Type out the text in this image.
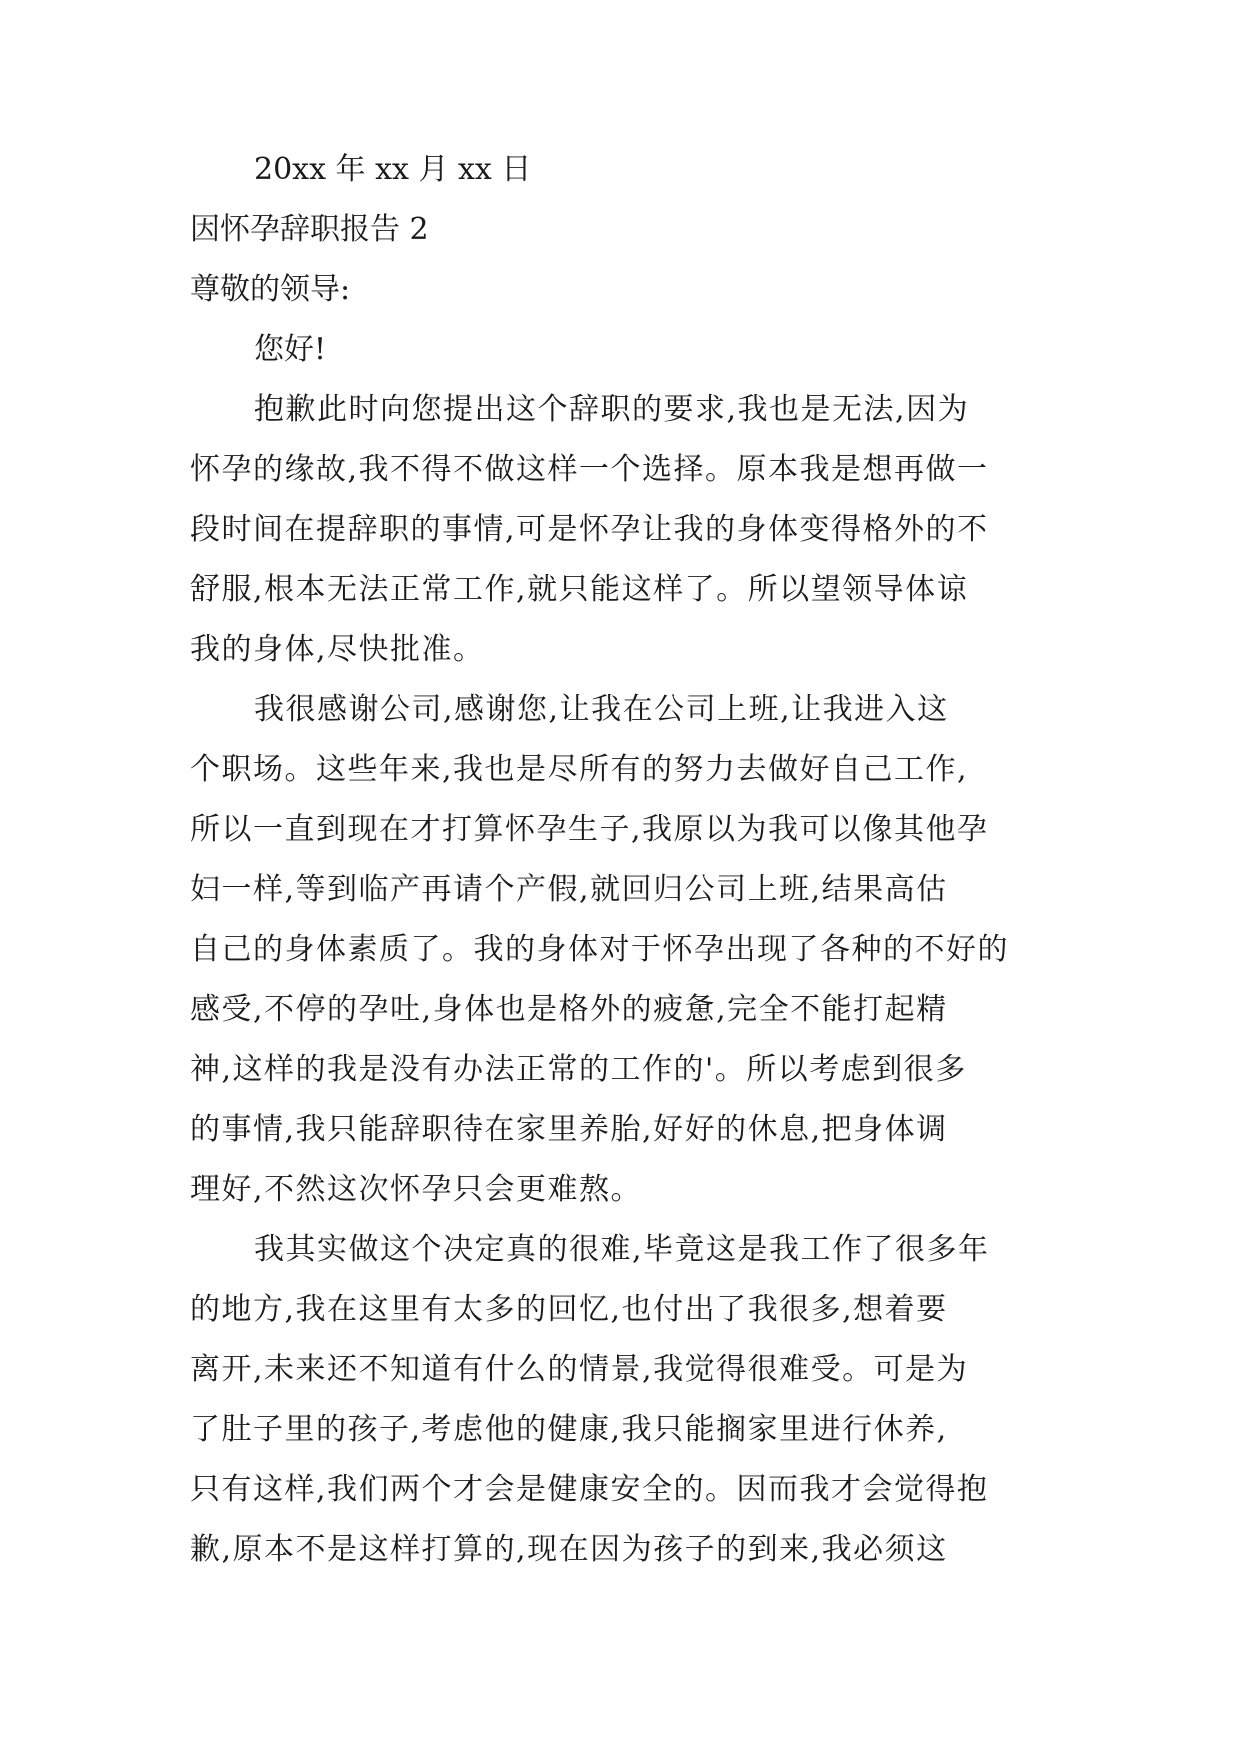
20xx 年 xx 月 xx 日

因怀孕辞职报告 2

尊敬的领导:

您好!

抱歉此时向您提出这个辞职的要求,我也是无法,因为

怀孕的缘故,我不得不做这样一个选择。原本我是想再做一

段时间在提辞职的事情,可是怀孕让我的身体变得格外的不

舒服,根本无法正常工作,就只能这样了。所以望领导体谅

我的身体,尽快批准。

我很感谢公司,感谢您,让我在公司上班,让我进入这

个职场。这些年来,我也是尽所有的努力去做好自己工作,

所以一直到现在才打算怀孕生子,我原以为我可以像其他孕

妇一样,等到临产再请个产假,就回归公司上班,结果高估

自己的身体素质了。我的身体对于怀孕出现了各种的不好的

感受,不停的孕吐,身体也是格外的疲惫,完全不能打起精

神,这样的我是没有办法正常的工作的'。所以考虑到很多

的事情,我只能辞职待在家里养胎,好好的休息,把身体调

理好,不然这次怀孕只会更难熬。

我其实做这个决定真的很难,毕竟这是我工作了很多年

的地方,我在这里有太多的回忆,也付出了我很多,想着要

离开,未来还不知道有什么的情景,我觉得很难受。可是为

了肚子里的孩子,考虑他的健康,我只能搁家里进行休养,

只有这样,我们两个才会是健康安全的。因而我才会觉得抱

歉,原本不是这样打算的,现在因为孩子的到来,我必须这
